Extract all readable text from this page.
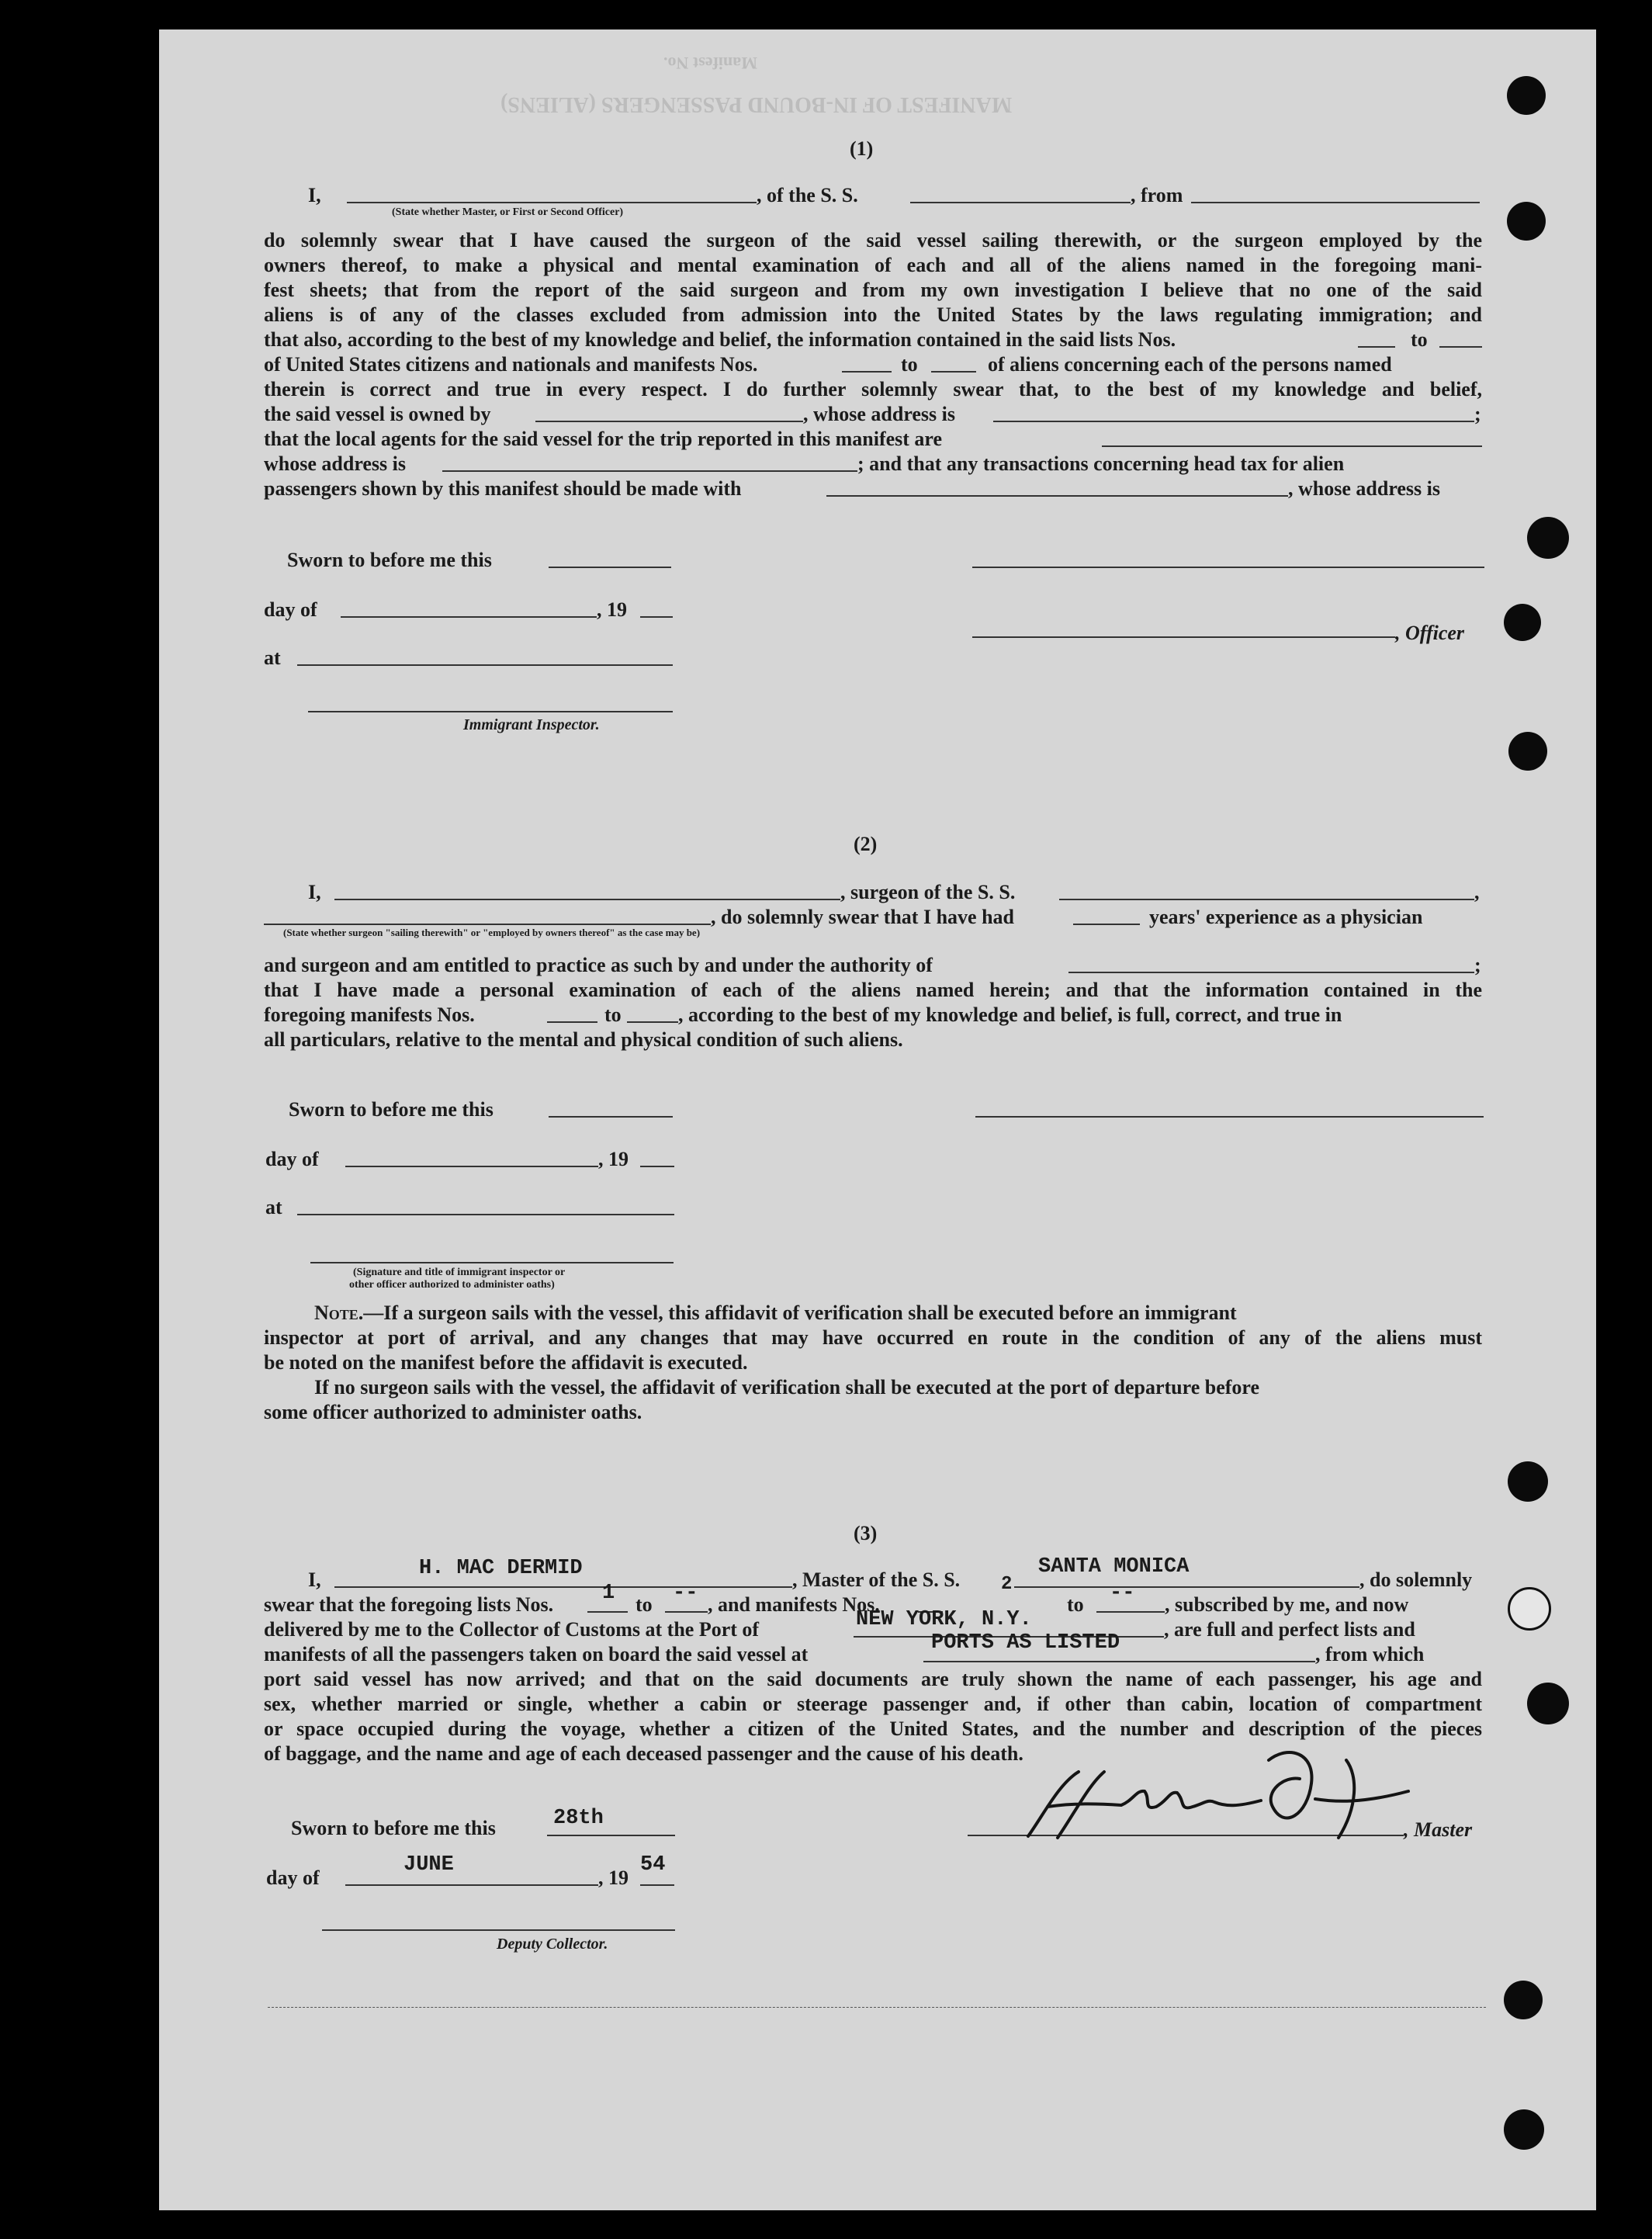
MANIFEST OF IN-BOUND PASSENGERS (ALIENS)
Manifest No.
(1)
I,	, of the S. S.	, from
(State whether Master, or First or Second Officer)

do solemnly swear that I have caused the surgeon of the said vessel sailing therewith, or the surgeon employed by the

owners thereof, to make a physical and mental examination of each and all of the aliens named in the foregoing mani-

fest sheets; that from the report of the said surgeon and from my own investigation I believe that no one of the said

aliens is of any of the classes excluded from admission into the United States by the laws regulating immigration; and

that also, according to the best of my knowledge and belief, the information contained in the said lists Nos.	to
of United States citizens and nationals and manifests Nos.	to	of aliens concerning each of the persons named

therein is correct and true in every respect. I do further solemnly swear that, to the best of my knowledge and belief,

the said vessel is owned by	, whose address is	;
that the local agents for the said vessel for the trip reported in this manifest are
whose address is	; and that any transactions concerning head tax for alien
passengers shown by this manifest should be made with	, whose address is
Sworn to before me this
day of	, 19
, Officer
at
Immigrant Inspector.
(2)
I,	, surgeon of the S. S.	,
, do solemnly swear that I have had	years' experience as a physician
(State whether surgeon "sailing therewith" or "employed by owners thereof" as the case may be)
and surgeon and am entitled to practice as such by and under the authority of	;

that I have made a personal examination of each of the aliens named herein; and that the information contained in the

foregoing manifests Nos.	to	, according to the best of my knowledge and belief, is full, correct, and true in
all particulars, relative to the mental and physical condition of such aliens.
Sworn to before me this
day of	, 19
at
(Signature and title of immigrant inspector or
other officer authorized to administer oaths)
Note.—If a surgeon sails with the vessel, this affidavit of verification shall be executed before an immigrant

inspector at port of arrival, and any changes that may have occurred en route in the condition of any of the aliens must

be noted on the manifest before the affidavit is executed.
If no surgeon sails with the vessel, the affidavit of verification shall be executed at the port of departure before
some officer authorized to administer oaths.
(3)
I,	H. MAC DERMID	, Master of the S. S.
SANTA MONICA
, do solemnly
swear that the foregoing lists Nos. 1 to -- , and manifests Nos.
2
to -- , subscribed by me, and now
delivered by me to the Collector of Customs at the Port of	NEW YORK, N.Y.	, are full and perfect lists and
manifests of all the passengers taken on board the said vessel at	PORTS AS LISTED	, from which

port said vessel has now arrived; and that on the said documents are truly shown the name of each passenger, his age and

sex, whether married or single, whether a cabin or steerage passenger and, if other than cabin, location of compartment

or space occupied during the voyage, whether a citizen of the United States, and the number and description of the pieces

of baggage, and the name and age of each deceased passenger and the cause of his death.
Sworn to before me this	28th	, Master
day of
JUNE
, 19
54
Deputy Collector.
